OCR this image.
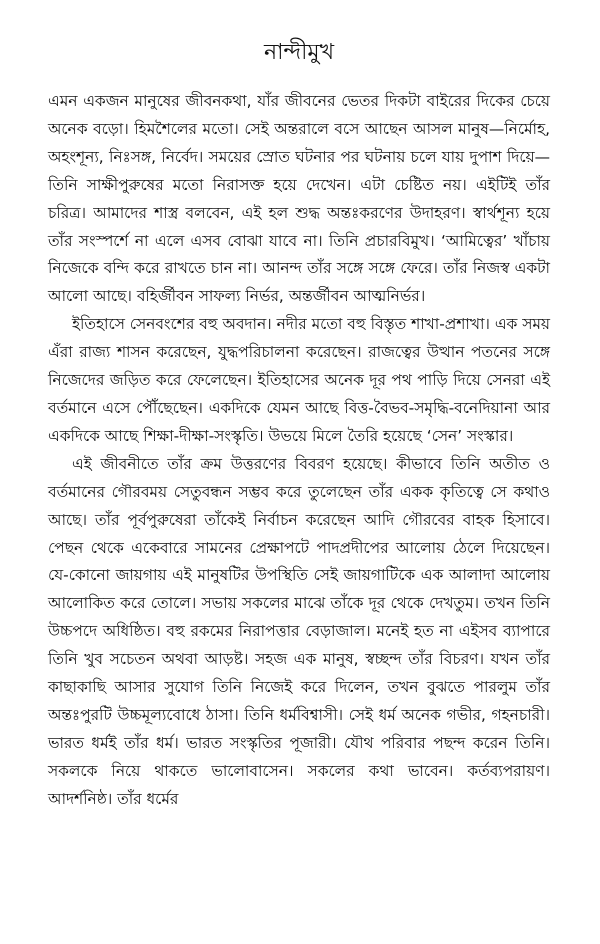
নান্দীমুখ

এমন একজন মানুষের জীবনকথা, যাঁর জীবনের ভেতর দিকটা বাইরের দিকের চেয়ে অনেক বড়ো। হিমশৈলের মতো। সেই অন্তরালে বসে আছেন আসল মানুষ—নির্মোহ, অহংশূন্য, নিঃসঙ্গ, নির্বেদ। সময়ের স্রোত ঘটনার পর ঘটনায় চলে যায় দুপাশ দিয়ে—তিনি সাক্ষীপুরুষের মতো নিরাসক্ত হয়ে দেখেন। এটা চেষ্টিত নয়। এইটিই তাঁর চরিত্র। আমাদের শাস্ত্র বলবেন, এই হল শুদ্ধ অন্তঃকরণের উদাহরণ। স্বার্থশূন্য হয়ে তাঁর সংস্পর্শে না এলে এসব বোঝা যাবে না। তিনি প্রচারবিমুখ। ‘আমিত্বের’ খাঁচায় নিজেকে বন্দি করে রাখতে চান না। আনন্দ তাঁর সঙ্গে সঙ্গে ফেরে। তাঁর নিজস্ব একটা আলো আছে। বহির্জীবন সাফল্য নির্ভর, অন্তর্জীবন আত্মনির্ভর।

ইতিহাসে সেনবংশের বহু অবদান। নদীর মতো বহু বিস্তৃত শাখা-প্রশাখা। এক সময় এঁরা রাজ্য শাসন করেছেন, যুদ্ধপরিচালনা করেছেন। রাজত্বের উত্থান পতনের সঙ্গে নিজেদের জড়িত করে ফেলেছেন। ইতিহাসের অনেক দূর পথ পাড়ি দিয়ে সেনরা এই বর্তমানে এসে পৌঁছেছেন। একদিকে যেমন আছে বিত্ত-বৈভব-সমৃদ্ধি-বনেদিয়ানা আর একদিকে আছে শিক্ষা-দীক্ষা-সংস্কৃতি। উভয়ে মিলে তৈরি হয়েছে ‘সেন’ সংস্কার।

এই জীবনীতে তাঁর ক্রম উত্তরণের বিবরণ হয়েছে। কীভাবে তিনি অতীত ও বর্তমানের গৌরবময় সেতুবন্ধন সম্ভব করে তুলেছেন তাঁর একক কৃতিত্বে সে কথাও আছে। তাঁর পূর্বপুরুষেরা তাঁকেই নির্বাচন করেছেন আদি গৌরবের বাহক হিসাবে। পেছন থেকে একেবারে সামনের প্রেক্ষাপটে পাদপ্রদীপের আলোয় ঠেলে দিয়েছেন। যে-কোনো জায়গায় এই মানুষটির উপস্থিতি সেই জায়গাটিকে এক আলাদা আলোয় আলোকিত করে তোলে। সভায় সকলের মাঝে তাঁকে দূর থেকে দেখতুম। তখন তিনি উচ্চপদে অধিষ্ঠিত। বহু রকমের নিরাপত্তার বেড়াজাল। মনেই হত না এইসব ব্যাপারে তিনি খুব সচেতন অথবা আড়ষ্ট। সহজ এক মানুষ, স্বচ্ছন্দ তাঁর বিচরণ। যখন তাঁর কাছাকাছি আসার সুযোগ তিনি নিজেই করে দিলেন, তখন বুঝতে পারলুম তাঁর অন্তঃপুরটি উচ্চমূল্যবোধে ঠাসা। তিনি ধর্মবিশ্বাসী। সেই ধর্ম অনেক গভীর, গহনচারী। ভারত ধর্মই তাঁর ধর্ম। ভারত সংস্কৃতির পূজারী। যৌথ পরিবার পছন্দ করেন তিনি। সকলকে নিয়ে থাকতে ভালোবাসেন। সকলের কথা ভাবেন। কর্তব্যপরায়ণ। আদর্শনিষ্ঠ। তাঁর ধর্মের
